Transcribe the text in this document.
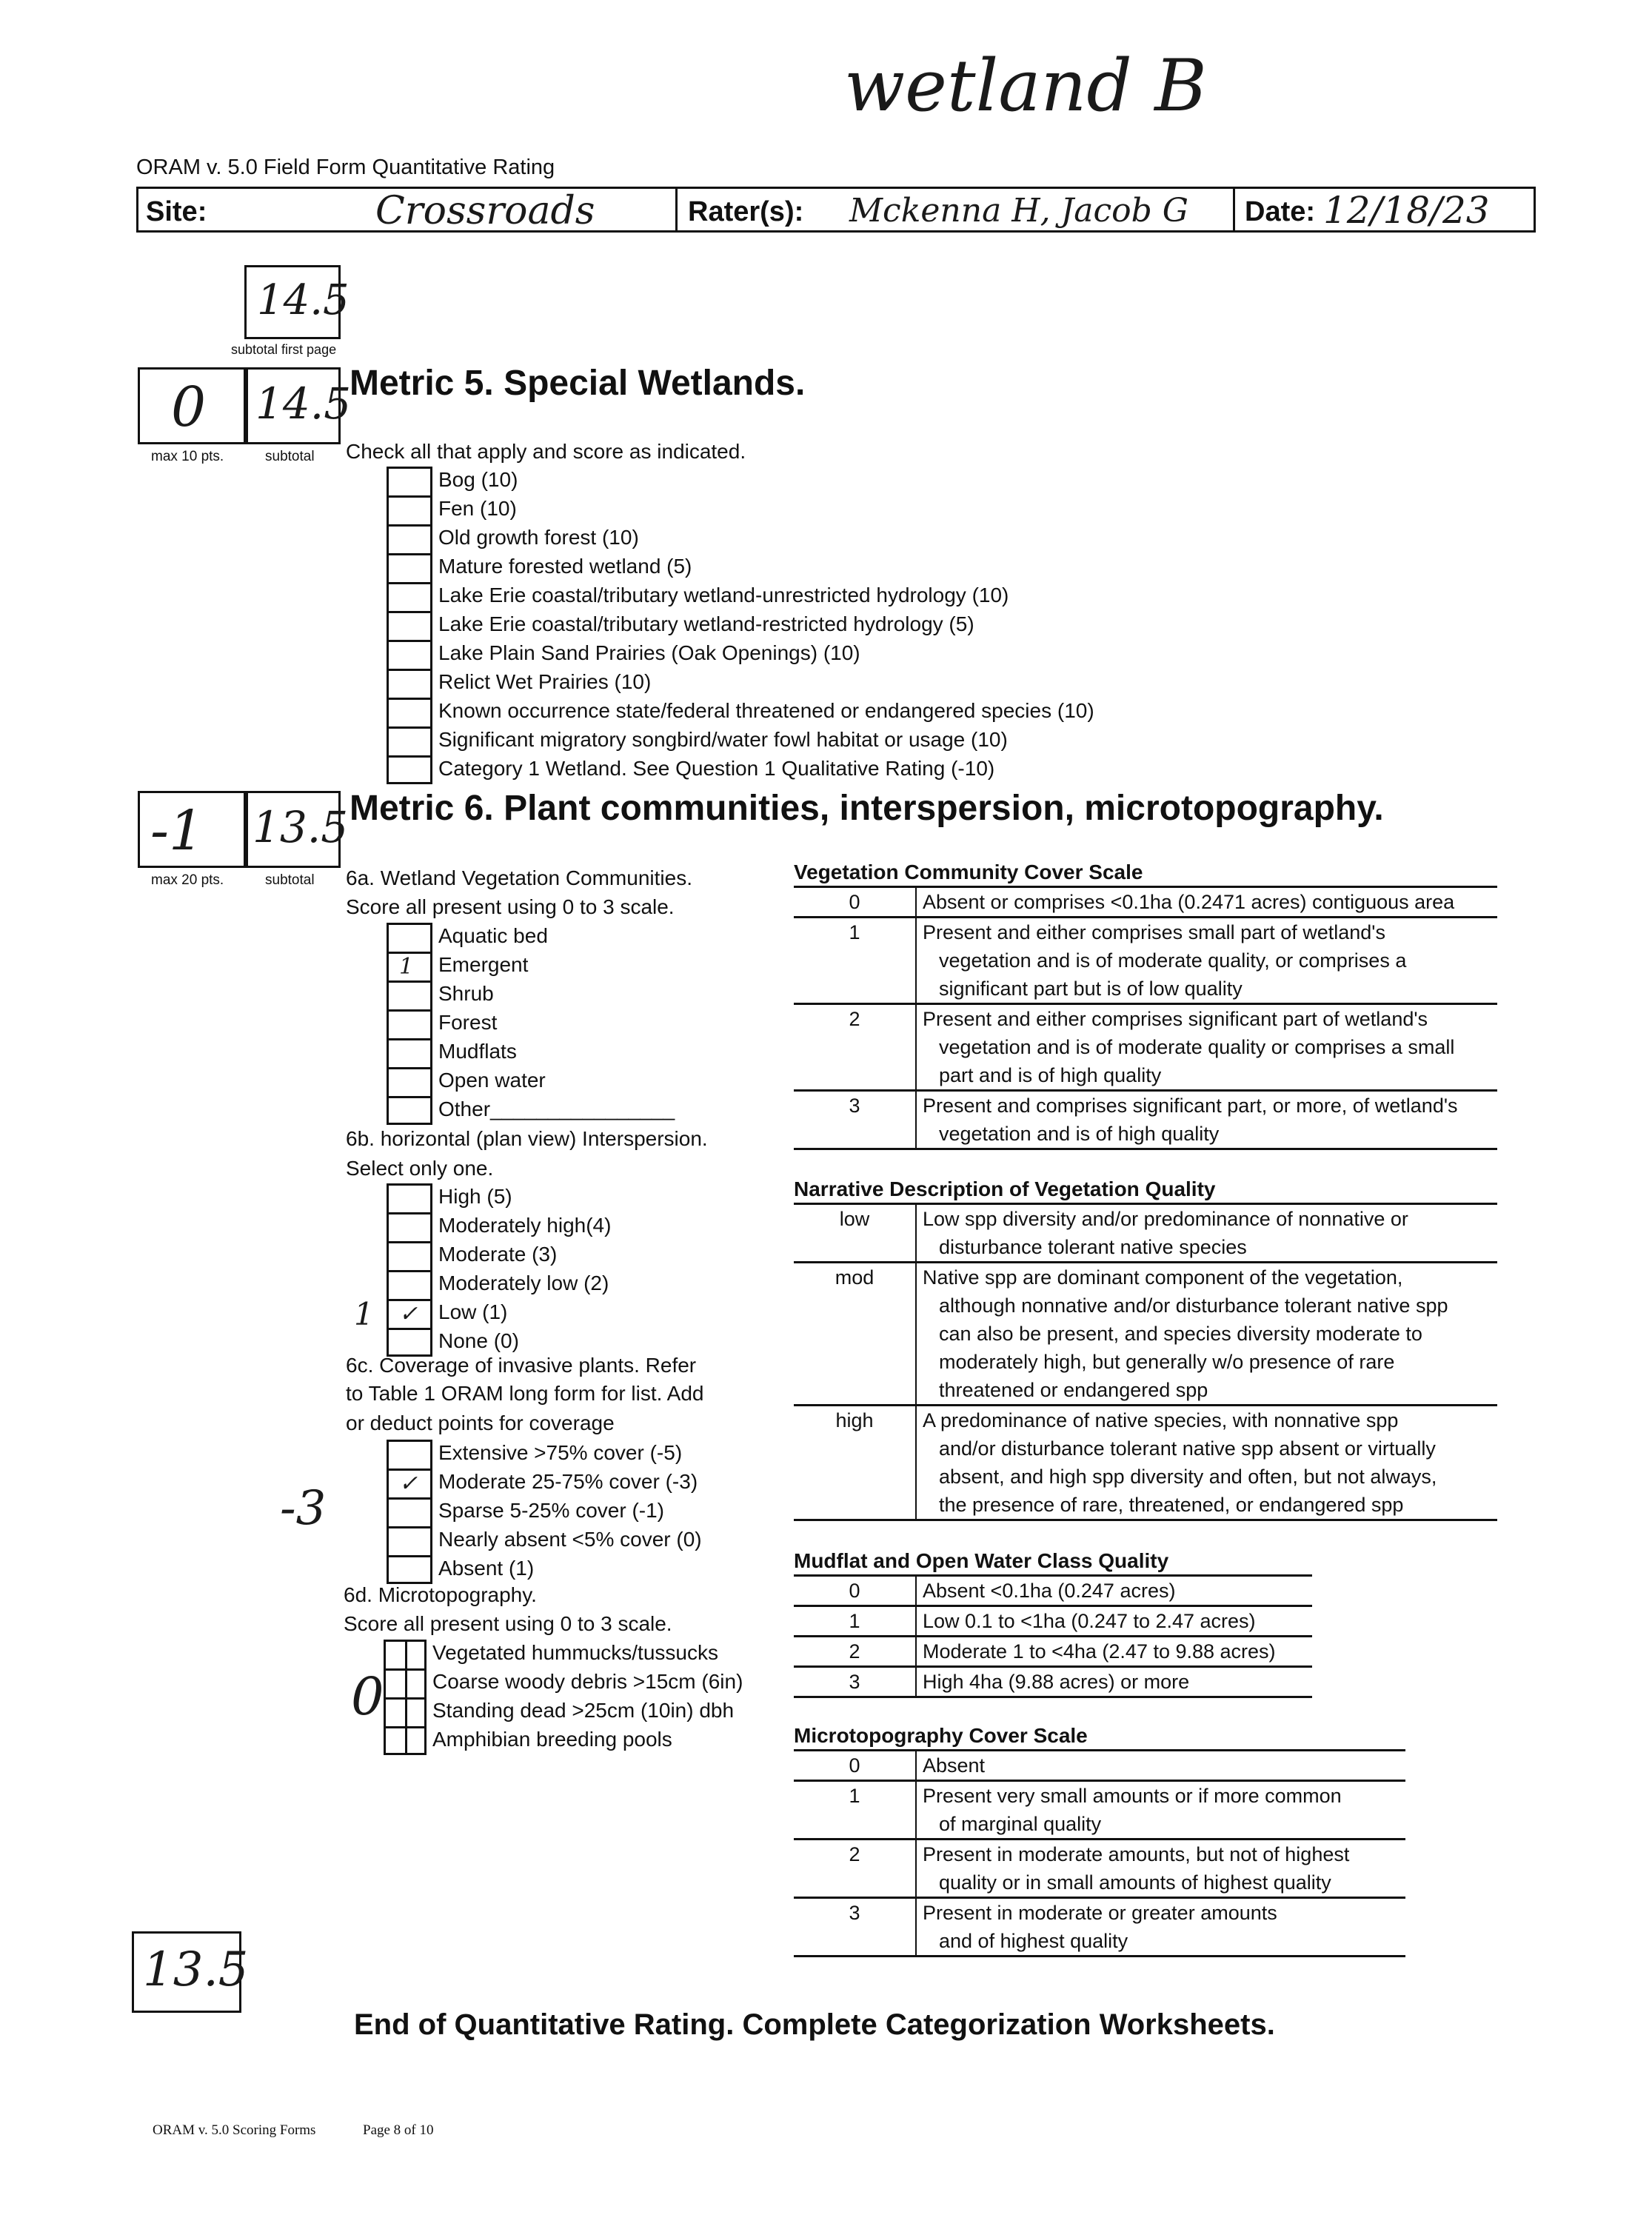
wetland B
ORAM v. 5.0 Field Form Quantitative Rating
Site:	Crossroads	Rater(s): Mckenna H, Jacob G Date: 12/18/23
14.5
subtotal first page
0 14.5
max 10 pts.	subtotal
Metric 5. Special Wetlands.
Check all that apply and score as indicated.
Bog (10)
Fen (10)
Old growth forest (10)
Mature forested wetland (5)
Lake Erie coastal/tributary wetland-unrestricted hydrology (10)
Lake Erie coastal/tributary wetland-restricted hydrology (5)
Lake Plain Sand Prairies (Oak Openings) (10)
Relict Wet Prairies (10)
Known occurrence state/federal threatened or endangered species (10)
Significant migratory songbird/water fowl habitat or usage (10)
Category 1 Wetland. See Question 1 Qualitative Rating (-10)
-1 13.5
max 20 pts.	subtotal
Metric 6. Plant communities, interspersion, microtopography.
6a. Wetland Vegetation Communities.
Score all present using 0 to 3 scale.
Aquatic bed
1 Emergent
Shrub
Forest
Mudflats
Open water
Other________________
6b. horizontal (plan view) Interspersion.
Select only one.
1
High (5)
Moderately high(4)
Moderate (3)
Moderately low (2)
✓ Low (1)
None (0)
6c. Coverage of invasive plants. Refer
to Table 1 ORAM long form for list. Add
or deduct points for coverage
-3
Extensive >75% cover (-5)
✓ Moderate 25-75% cover (-3)
Sparse 5-25% cover (-1)
Nearly absent <5% cover (0)
Absent (1)
6d. Microtopography.
Score all present using 0 to 3 scale.
0
Vegetated hummucks/tussucks
Coarse woody debris >15cm (6in)
Standing dead >25cm (10in) dbh
Amphibian breeding pools
Vegetation Community Cover Scale
0	Absent or comprises <0.1ha (0.2471 acres) contiguous area

1	Present and either comprises small part of wetland's
vegetation and is of moderate quality, or comprises a
significant part but is of low quality

2	Present and either comprises significant part of wetland's
vegetation and is of moderate quality or comprises a small
part and is of high quality

3	Present and comprises significant part, or more, of wetland's
vegetation and is of high quality
Narrative Description of Vegetation Quality
low	Low spp diversity and/or predominance of nonnative or
disturbance tolerant native species

mod	Native spp are dominant component of the vegetation,
although nonnative and/or disturbance tolerant native spp
can also be present, and species diversity moderate to
moderately high, but generally w/o presence of rare
threatened or endangered spp

high	A predominance of native species, with nonnative spp
and/or disturbance tolerant native spp absent or virtually
absent, and high spp diversity and often, but not always,
the presence of rare, threatened, or endangered spp
Mudflat and Open Water Class Quality
0	Absent <0.1ha (0.247 acres)

1	Low 0.1 to <1ha (0.247 to 2.47 acres)

2	Moderate 1 to <4ha (2.47 to 9.88 acres)

3	High 4ha (9.88 acres) or more
Microtopography Cover Scale
0	Absent

1	Present very small amounts or if more common
of marginal quality

2	Present in moderate amounts, but not of highest
quality or in small amounts of highest quality

3	Present in moderate or greater amounts
and of highest quality
13.5
End of Quantitative Rating. Complete Categorization Worksheets.
ORAM v. 5.0 Scoring Forms	Page 8 of 10
